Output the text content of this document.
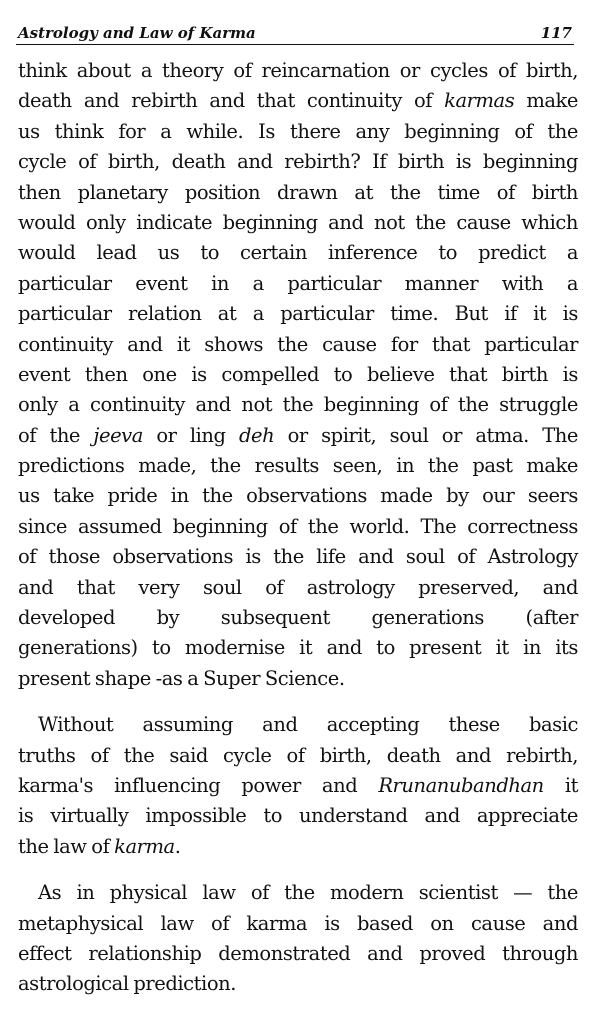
Astrology and Law of Karma	117
think about a theory of reincarnation or cycles of birth,
death and rebirth and that continuity of karmas make
us think for a while. Is there any beginning of the
cycle of birth, death and rebirth? If birth is beginning
then planetary position drawn at the time of birth
would only indicate beginning and not the cause which
would lead us to certain inference to predict a
particular event in a particular manner with a
particular relation at a particular time. But if it is
continuity and it shows the cause for that particular
event then one is compelled to believe that birth is
only a continuity and not the beginning of the struggle
of the jeeva or ling deh or spirit, soul or atma. The
predictions made, the results seen, in the past make
us take pride in the observations made by our seers
since assumed beginning of the world. The correctness
of those observations is the life and soul of Astrology
and that very soul of astrology preserved, and
developed by subsequent generations (after
generations) to modernise it and to present it in its
present shape -as a Super Science.
Without assuming and accepting these basic
truths of the said cycle of birth, death and rebirth,
karma's influencing power and Rrunanubandhan it
is virtually impossible to understand and appreciate
the law of karma.
As in physical law of the modern scientist — the
metaphysical law of karma is based on cause and
effect relationship demonstrated and proved through
astrological prediction.
